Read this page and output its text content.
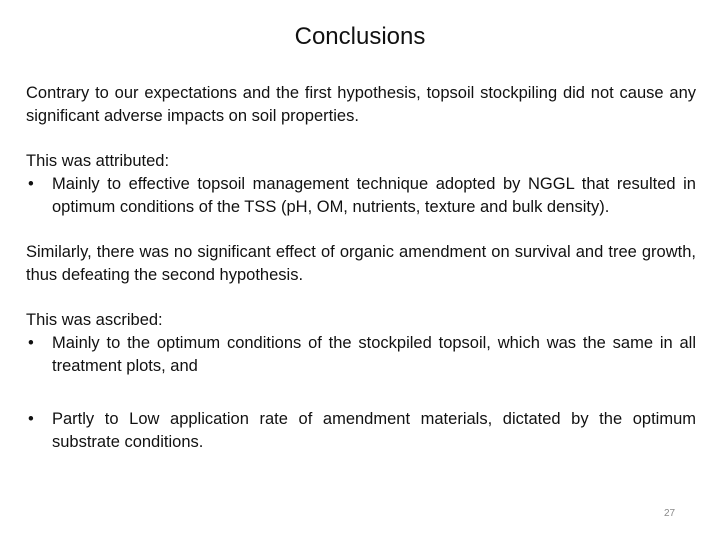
Conclusions

Contrary to our expectations and the first hypothesis, topsoil stockpiling did not cause any significant adverse impacts on soil properties.

This was attributed:

• Mainly to effective topsoil management technique adopted by NGGL that resulted in optimum conditions of the TSS (pH, OM, nutrients, texture and bulk density).

Similarly, there was no significant effect of organic amendment on survival and tree growth, thus defeating the second hypothesis.

This was ascribed:

• Mainly to the optimum conditions of the stockpiled topsoil, which was the same in all treatment plots, and

• Partly to Low application rate of amendment materials, dictated by the optimum substrate conditions.

27
